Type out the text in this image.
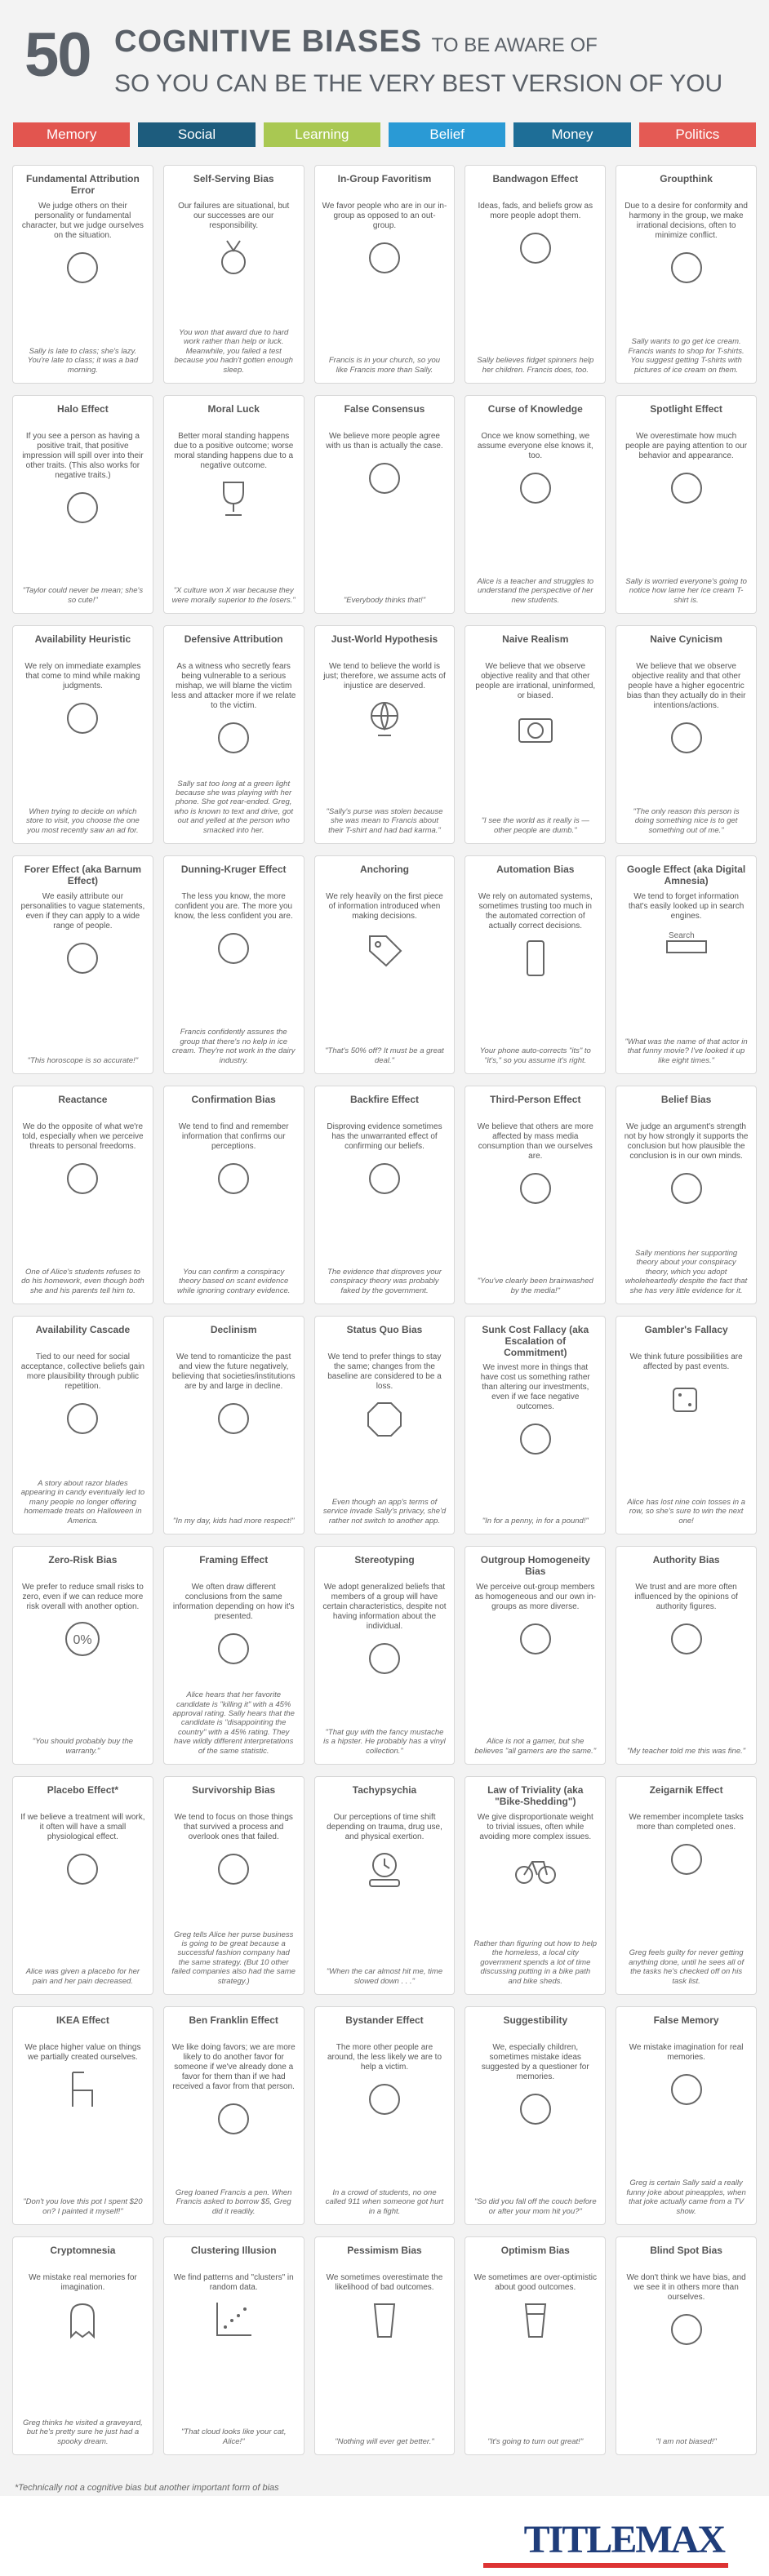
50 COGNITIVE BIASES TO BE AWARE OF
SO YOU CAN BE THE VERY BEST VERSION OF YOU
Memory	Social	Learning	Belief	Money	Politics
Fundamental Attribution Error
We judge others on their personality or fundamental character, but we judge ourselves on the situation.
Sally is late to class; she's lazy. You're late to class; it was a bad morning.
Self-Serving Bias
Our failures are situational, but our successes are our responsibility.
You won that award due to hard work rather than help or luck. Meanwhile, you failed a test because you hadn't gotten enough sleep.
In-Group Favoritism
We favor people who are in our in-group as opposed to an out-group.
Francis is in your church, so you like Francis more than Sally.
Bandwagon Effect
Ideas, fads, and beliefs grow as more people adopt them.
Sally believes fidget spinners help her children. Francis does, too.
Groupthink
Due to a desire for conformity and harmony in the group, we make irrational decisions, often to minimize conflict.
Sally wants to go get ice cream. Francis wants to shop for T-shirts. You suggest getting T-shirts with pictures of ice cream on them.
Halo Effect
If you see a person as having a positive trait, that positive impression will spill over into their other traits. (This also works for negative traits.)
"Taylor could never be mean; she's so cute!"
Moral Luck
Better moral standing happens due to a positive outcome; worse moral standing happens due to a negative outcome.
"X culture won X war because they were morally superior to the losers."
False Consensus
We believe more people agree with us than is actually the case.
"Everybody thinks that!"
Curse of Knowledge
Once we know something, we assume everyone else knows it, too.
Alice is a teacher and struggles to understand the perspective of her new students.
Spotlight Effect
We overestimate how much people are paying attention to our behavior and appearance.
Sally is worried everyone's going to notice how lame her ice cream T-shirt is.
Availability Heuristic
We rely on immediate examples that come to mind while making judgments.
When trying to decide on which store to visit, you choose the one you most recently saw an ad for.
Defensive Attribution
As a witness who secretly fears being vulnerable to a serious mishap, we will blame the victim less and attacker more if we relate to the victim.
Sally sat too long at a green light because she was playing with her phone. She got rear-ended. Greg, who is known to text and drive, got out and yelled at the person who smacked into her.
Just-World Hypothesis
We tend to believe the world is just; therefore, we assume acts of injustice are deserved.
"Sally's purse was stolen because she was mean to Francis about their T-shirt and had bad karma."
Naive Realism
We believe that we observe objective reality and that other people are irrational, uninformed, or biased.
"I see the world as it really is — other people are dumb."
Naive Cynicism
We believe that we observe objective reality and that other people have a higher egocentric bias than they actually do in their intentions/actions.
"The only reason this person is doing something nice is to get something out of me."
Forer Effect (aka Barnum Effect)
We easily attribute our personalities to vague statements, even if they can apply to a wide range of people.
"This horoscope is so accurate!"
Dunning-Kruger Effect
The less you know, the more confident you are. The more you know, the less confident you are.
Francis confidently assures the group that there's no kelp in ice cream. They're not work in the dairy industry.
Anchoring
We rely heavily on the first piece of information introduced when making decisions.
"That's 50% off? It must be a great deal."
Automation Bias
We rely on automated systems, sometimes trusting too much in the automated correction of actually correct decisions.
Your phone auto-corrects "its" to "it's," so you assume it's right.
Google Effect (aka Digital Amnesia)
We tend to forget information that's easily looked up in search engines.
Search
"What was the name of that actor in that funny movie? I've looked it up like eight times."
Reactance
We do the opposite of what we're told, especially when we perceive threats to personal freedoms.
One of Alice's students refuses to do his homework, even though both she and his parents tell him to.
Confirmation Bias
We tend to find and remember information that confirms our perceptions.
You can confirm a conspiracy theory based on scant evidence while ignoring contrary evidence.
Backfire Effect
Disproving evidence sometimes has the unwarranted effect of confirming our beliefs.
The evidence that disproves your conspiracy theory was probably faked by the government.
Third-Person Effect
We believe that others are more affected by mass media consumption than we ourselves are.
"You've clearly been brainwashed by the media!"
Belief Bias
We judge an argument's strength not by how strongly it supports the conclusion but how plausible the conclusion is in our own minds.
Sally mentions her supporting theory about your conspiracy theory, which you adopt wholeheartedly despite the fact that she has very little evidence for it.
Availability Cascade
Tied to our need for social acceptance, collective beliefs gain more plausibility through public repetition.
A story about razor blades appearing in candy eventually led to many people no longer offering homemade treats on Halloween in America.
Declinism
We tend to romanticize the past and view the future negatively, believing that societies/institutions are by and large in decline.
"In my day, kids had more respect!"
Status Quo Bias
We tend to prefer things to stay the same; changes from the baseline are considered to be a loss.
Even though an app's terms of service invade Sally's privacy, she'd rather not switch to another app.
Sunk Cost Fallacy (aka Escalation of Commitment)
We invest more in things that have cost us something rather than altering our investments, even if we face negative outcomes.
"In for a penny, in for a pound!"
Gambler's Fallacy
We think future possibilities are affected by past events.
Alice has lost nine coin tosses in a row, so she's sure to win the next one!
Zero-Risk Bias
We prefer to reduce small risks to zero, even if we can reduce more risk overall with another option.
0%
"You should probably buy the warranty."
Framing Effect
We often draw different conclusions from the same information depending on how it's presented.
Alice hears that her favorite candidate is "killing it" with a 45% approval rating. Sally hears that the candidate is "disappointing the country" with a 45% rating. They have wildly different interpretations of the same statistic.
Stereotyping
We adopt generalized beliefs that members of a group will have certain characteristics, despite not having information about the individual.
"That guy with the fancy mustache is a hipster. He probably has a vinyl collection."
Outgroup Homogeneity Bias
We perceive out-group members as homogeneous and our own in-groups as more diverse.
Alice is not a gamer, but she believes "all gamers are the same."
Authority Bias
We trust and are more often influenced by the opinions of authority figures.
"My teacher told me this was fine."
Placebo Effect*
If we believe a treatment will work, it often will have a small physiological effect.
Alice was given a placebo for her pain and her pain decreased.
Survivorship Bias
We tend to focus on those things that survived a process and overlook ones that failed.
Greg tells Alice her purse business is going to be great because a successful fashion company had the same strategy. (But 10 other failed companies also had the same strategy.)
Tachypsychia
Our perceptions of time shift depending on trauma, drug use, and physical exertion.
"When the car almost hit me, time slowed down . . ."
Law of Triviality (aka "Bike-Shedding")
We give disproportionate weight to trivial issues, often while avoiding more complex issues.
Rather than figuring out how to help the homeless, a local city government spends a lot of time discussing putting in a bike path and bike sheds.
Zeigarnik Effect
We remember incomplete tasks more than completed ones.
Greg feels guilty for never getting anything done, until he sees all of the tasks he's checked off on his task list.
IKEA Effect
We place higher value on things we partially created ourselves.
"Don't you love this pot I spent $20 on? I painted it myself!"
Ben Franklin Effect
We like doing favors; we are more likely to do another favor for someone if we've already done a favor for them than if we had received a favor from that person.
Greg loaned Francis a pen. When Francis asked to borrow $5, Greg did it readily.
Bystander Effect
The more other people are around, the less likely we are to help a victim.
In a crowd of students, no one called 911 when someone got hurt in a fight.
Suggestibility
We, especially children, sometimes mistake ideas suggested by a questioner for memories.
"So did you fall off the couch before or after your mom hit you?"
False Memory
We mistake imagination for real memories.
Greg is certain Sally said a really funny joke about pineapples, when that joke actually came from a TV show.
Cryptomnesia
We mistake real memories for imagination.
Greg thinks he visited a graveyard, but he's pretty sure he just had a spooky dream.
Clustering Illusion
We find patterns and "clusters" in random data.
"That cloud looks like your cat, Alice!"
Pessimism Bias
We sometimes overestimate the likelihood of bad outcomes.
"Nothing will ever get better."
Optimism Bias
We sometimes are over-optimistic about good outcomes.
"It's going to turn out great!"
Blind Spot Bias
We don't think we have bias, and we see it in others more than ourselves.
"I am not biased!"
*Technically not a cognitive bias but another important form of bias
TITLEMAX
